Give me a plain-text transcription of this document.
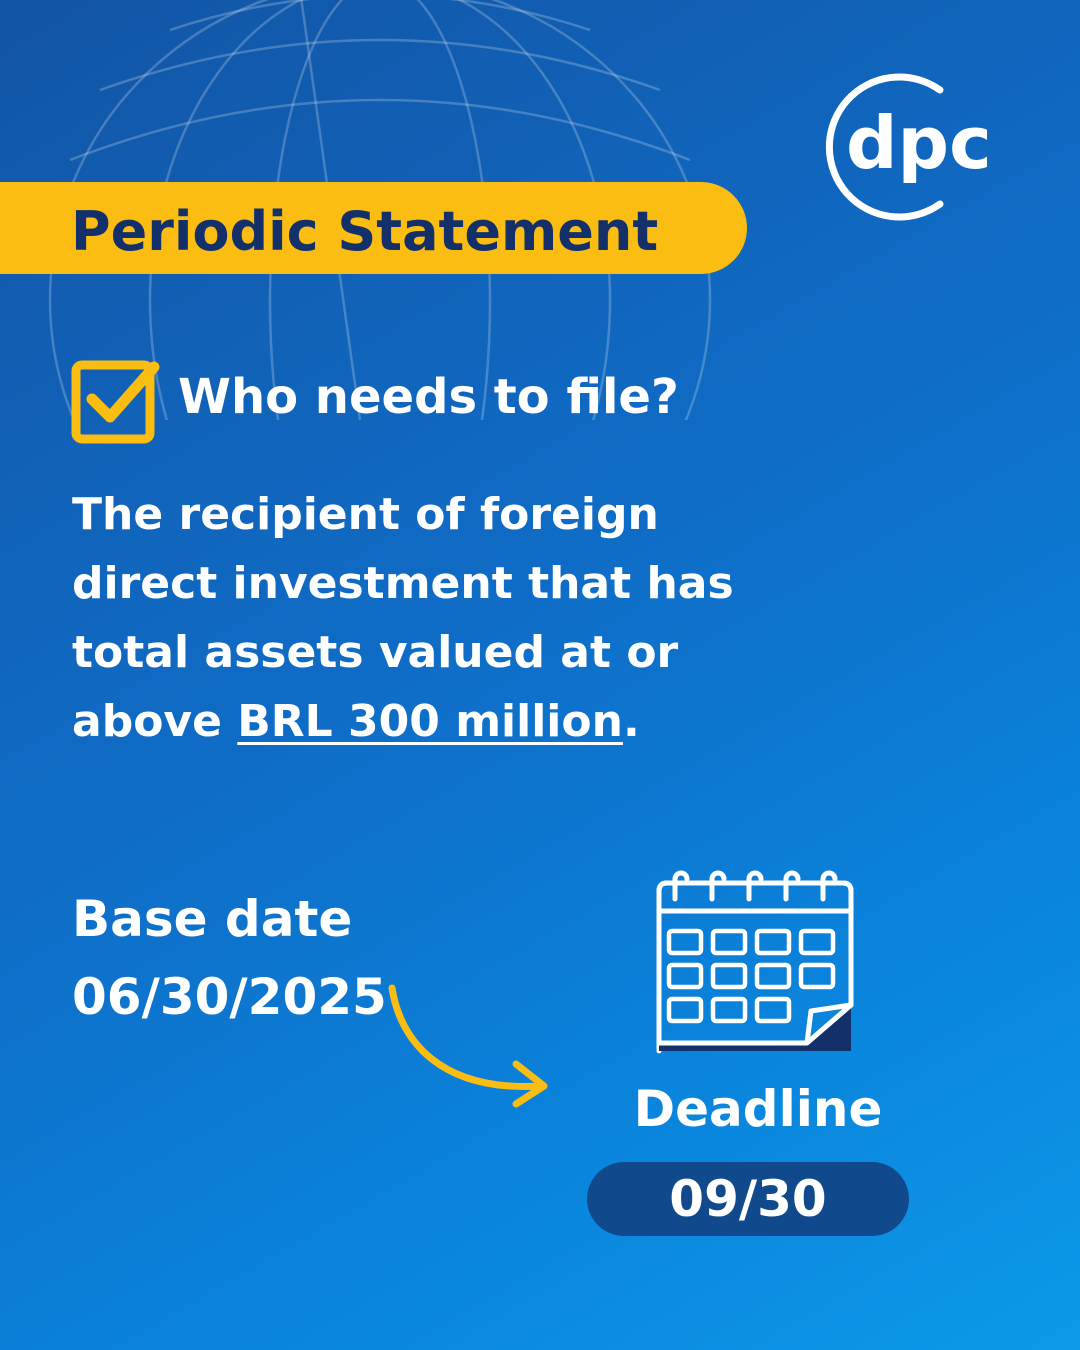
dpc
Periodic Statement
Who needs to file?

The recipient of foreign direct investment that has total assets valued at or above BRL 300 million.

Base date

06/30/2025

Deadline

09/30
